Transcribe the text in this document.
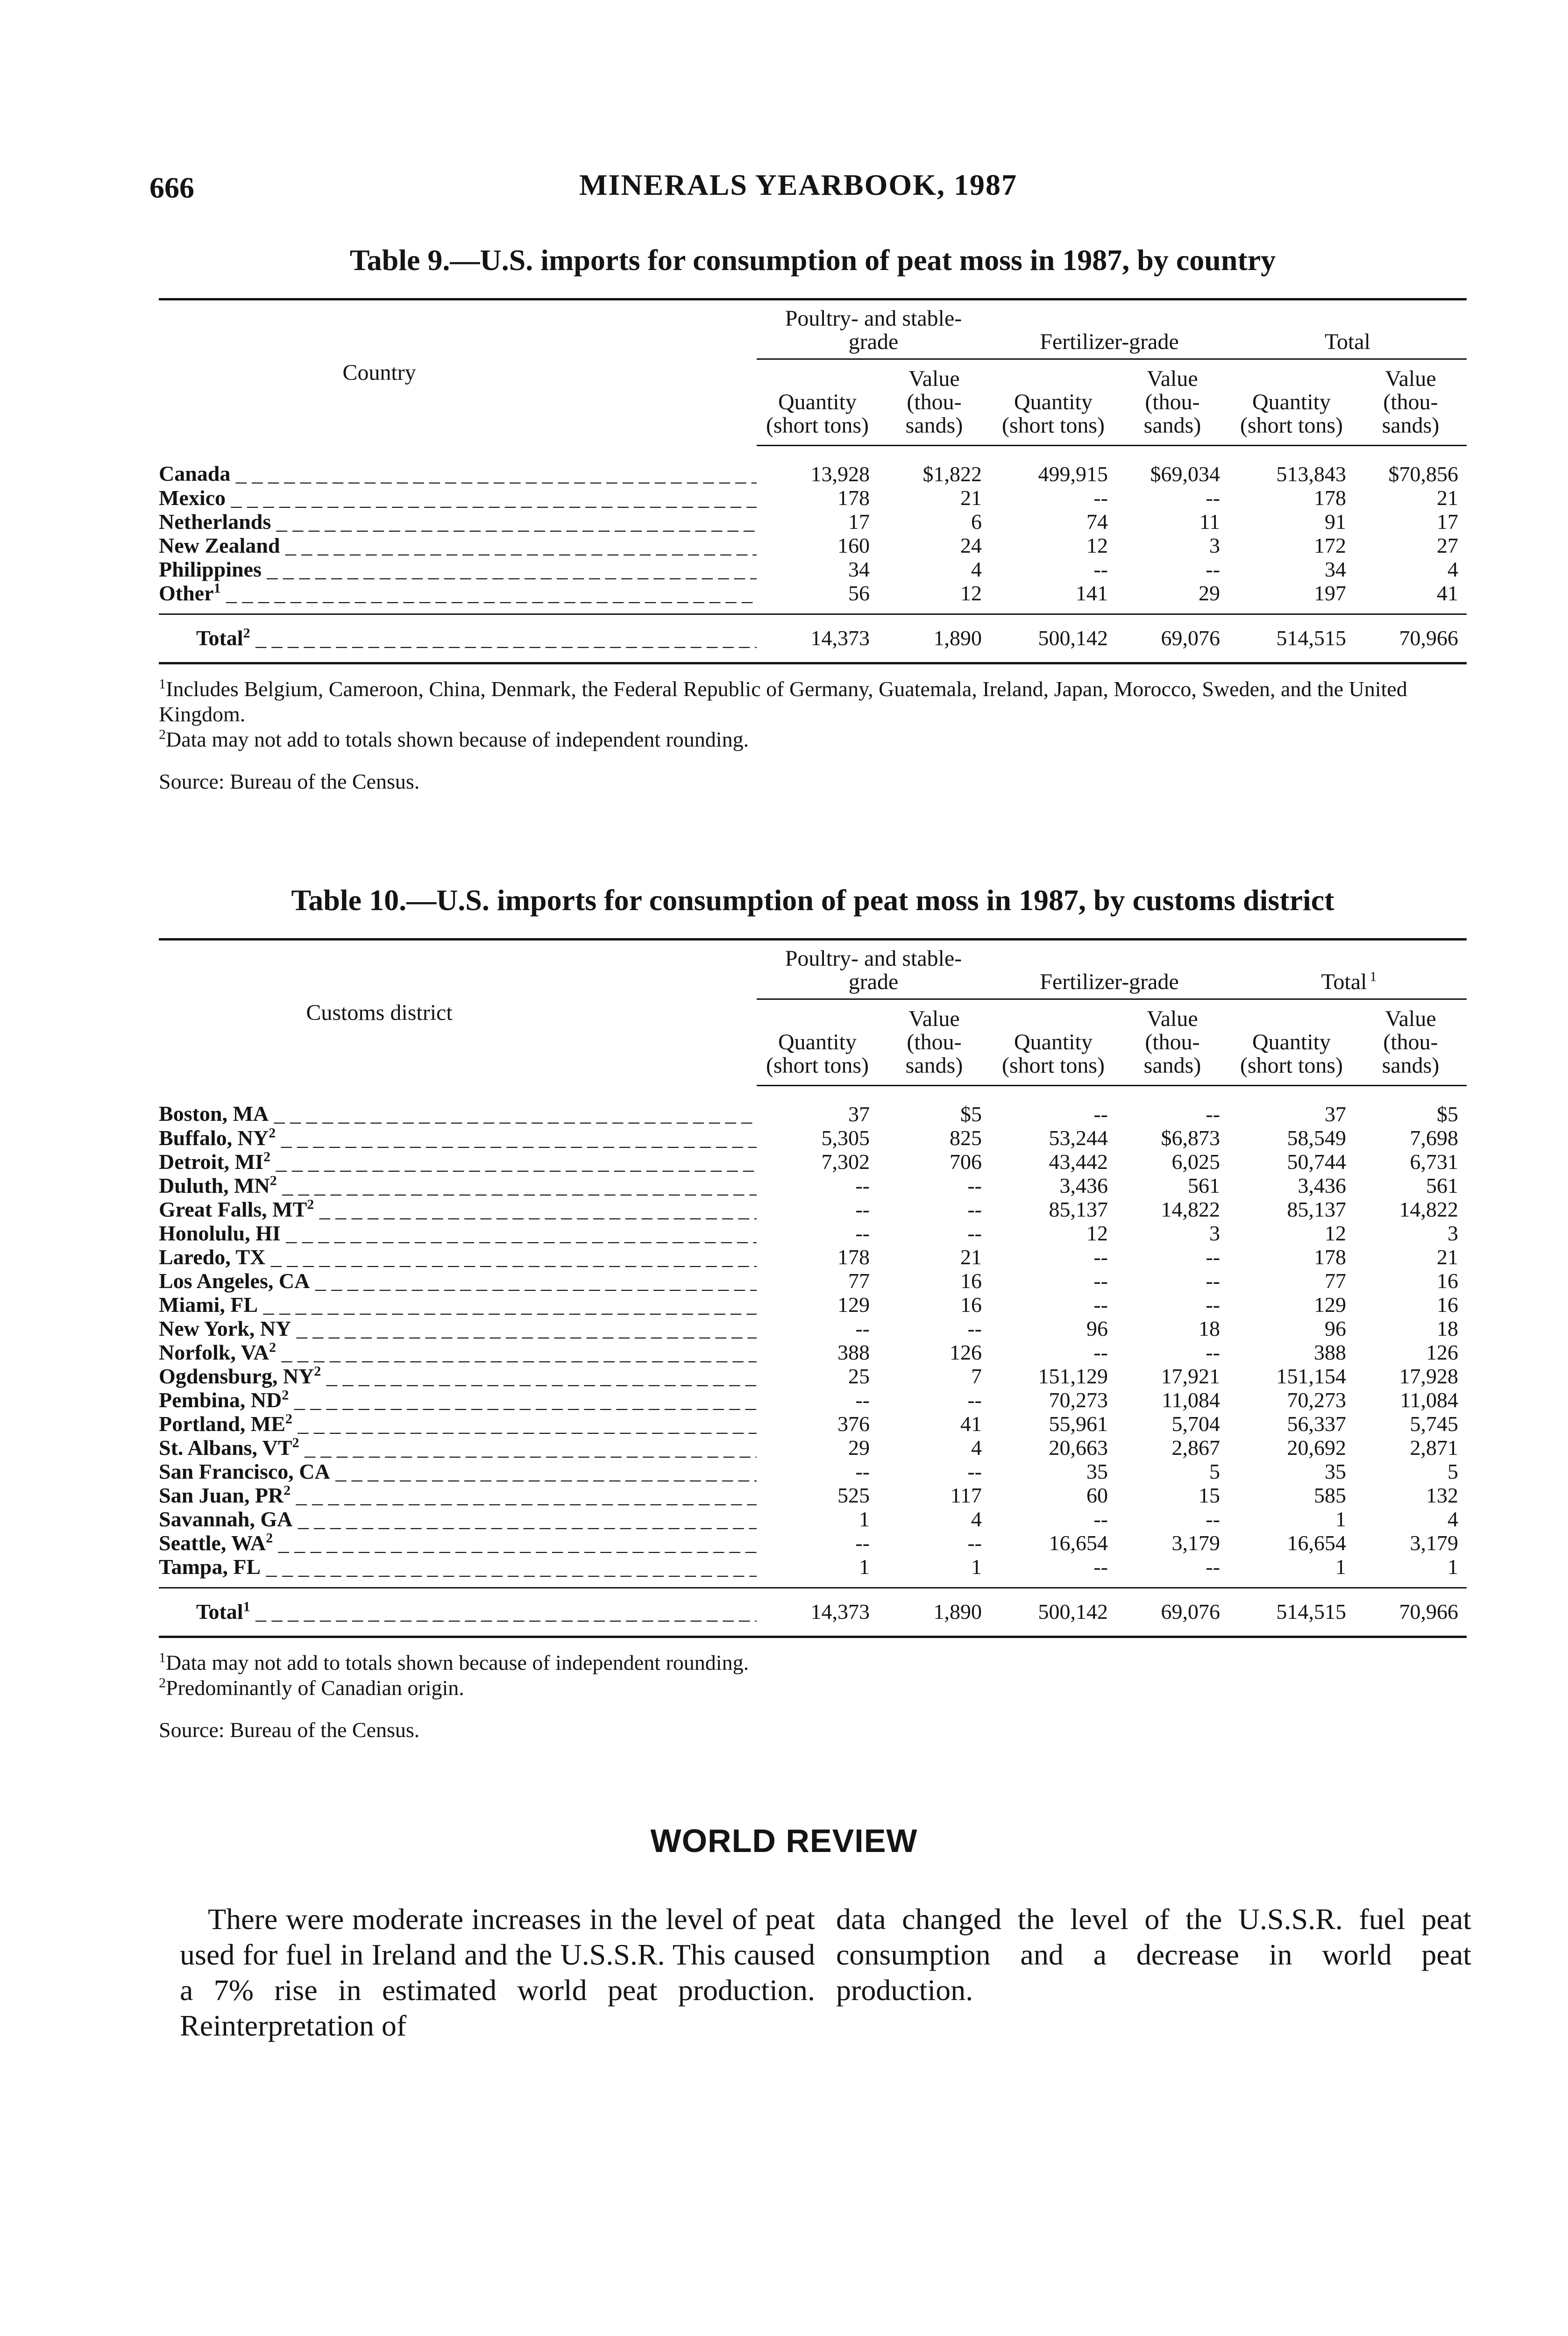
666	MINERALS YEARBOOK, 1987
Table 9.—U.S. imports for consumption of peat moss in 1987, by country
Country	Poultry- and stable-grade		Fertilizer-grade		Total	
	Quantity (short tons)	Value (thou-sands)	Quantity (short tons)	Value (thou-sands)	Quantity (short tons)	Value (thou-sands)
Canada _ _ _	13,928	$1,822	499,915	$69,034	513,843	$70,856
Mexico _ _ _	178	21	--	--	178	21
Netherlands _ _ _	17	6	74	11	91	17
New Zealand _ _ _	160	24	12	3	172	27
Philippines _ _ _	34	4	--	--	34	4
Other$^1$ _ _ _	56	12	141	29	197	41
Total$^2$ _ _ _	14,373	1,890	500,142	69,076	514,515	70,966

$^1$Includes Belgium, Cameroon, China, Denmark, the Federal Republic of Germany, Guatemala, Ireland, Japan, Morocco, Sweden, and the United Kingdom.

$^2$Data may not add to totals shown because of independent rounding.

Source: Bureau of the Census.

Table 10.—U.S. imports for consumption of peat moss in 1987, by customs district
Customs district	Poultry- and stable-grade		Fertilizer-grade		Total $^1$
	Quantity (short tons)	Value (thou-sands)	Quantity (short tons)	Value (thou-sands)	Quantity (short tons)	Value (thou-sands)
Boston, MA _ _ _	37	$5	--	--	37	$5
Buffalo, $NY^2$ _ _ _	5,305	825	53,244	$6,873	58,549	7,698
Detroit, $MI^2$ _ _ _	7,302	706	43,442	6,025	50,744	6,731
Duluth, $MN^2$ _ _ _	--	--	3,436	561	3,436	561
Great Falls, $MT^2$ _ _ _	--	--	85,137	14,822	85,137	14,822
Honolulu, HI _ _ _	--	--	12	3	12	3
Laredo, TX _ _ _	178	21	--	--	178	21
Los Angeles, CA _ _ _	77	16	--	--	77	16
Miami, FL _ _ _	129	16	--	--	129	16
New York, NY _ _ _	--	--	96	18	96	18
Norfolk, $VA^2$ _ _ _	388	126	--	--	388	126
Ogdensburg, $NY^2$ _ _ _	25	7	151,129	17,921	151,154	17,928
Pembina, $ND^2$ _ _ _	--	--	70,273	11,084	70,273	11,084
Portland, $ME^2$ _ _ _	376	41	55,961	5,704	56,337	5,745
St. Albans, $VT^2$ _ _ _	29	4	20,663	2,867	20,692	2,871
San Francisco, CA _ _ _	--	--	35	5	35	5
San Juan, $PR^2$ _ _ _	525	117	60	15	585	132
Savannah, GA _ _ _	1	4	--	--	1	4
Seattle, $WA^2$ _ _ _	--	--	16,654	3,179	16,654	3,179
Tampa, FL _ _ _	1	1	--	--	1	1
Total$^1$ _ _ _	14,373	1,890	500,142	69,076	514,515	70,966

$^1$Data may not add to totals shown because of independent rounding.

$^2$Predominantly of Canadian origin.

Source: Bureau of the Census.

WORLD REVIEW
There were moderate increases in the level of peat used for fuel in Ireland and the U.S.S.R. This caused a 7% rise in estimated world peat production. Reinterpretation of
data changed the level of the U.S.S.R. fuel peat consumption and a decrease in world peat production.
